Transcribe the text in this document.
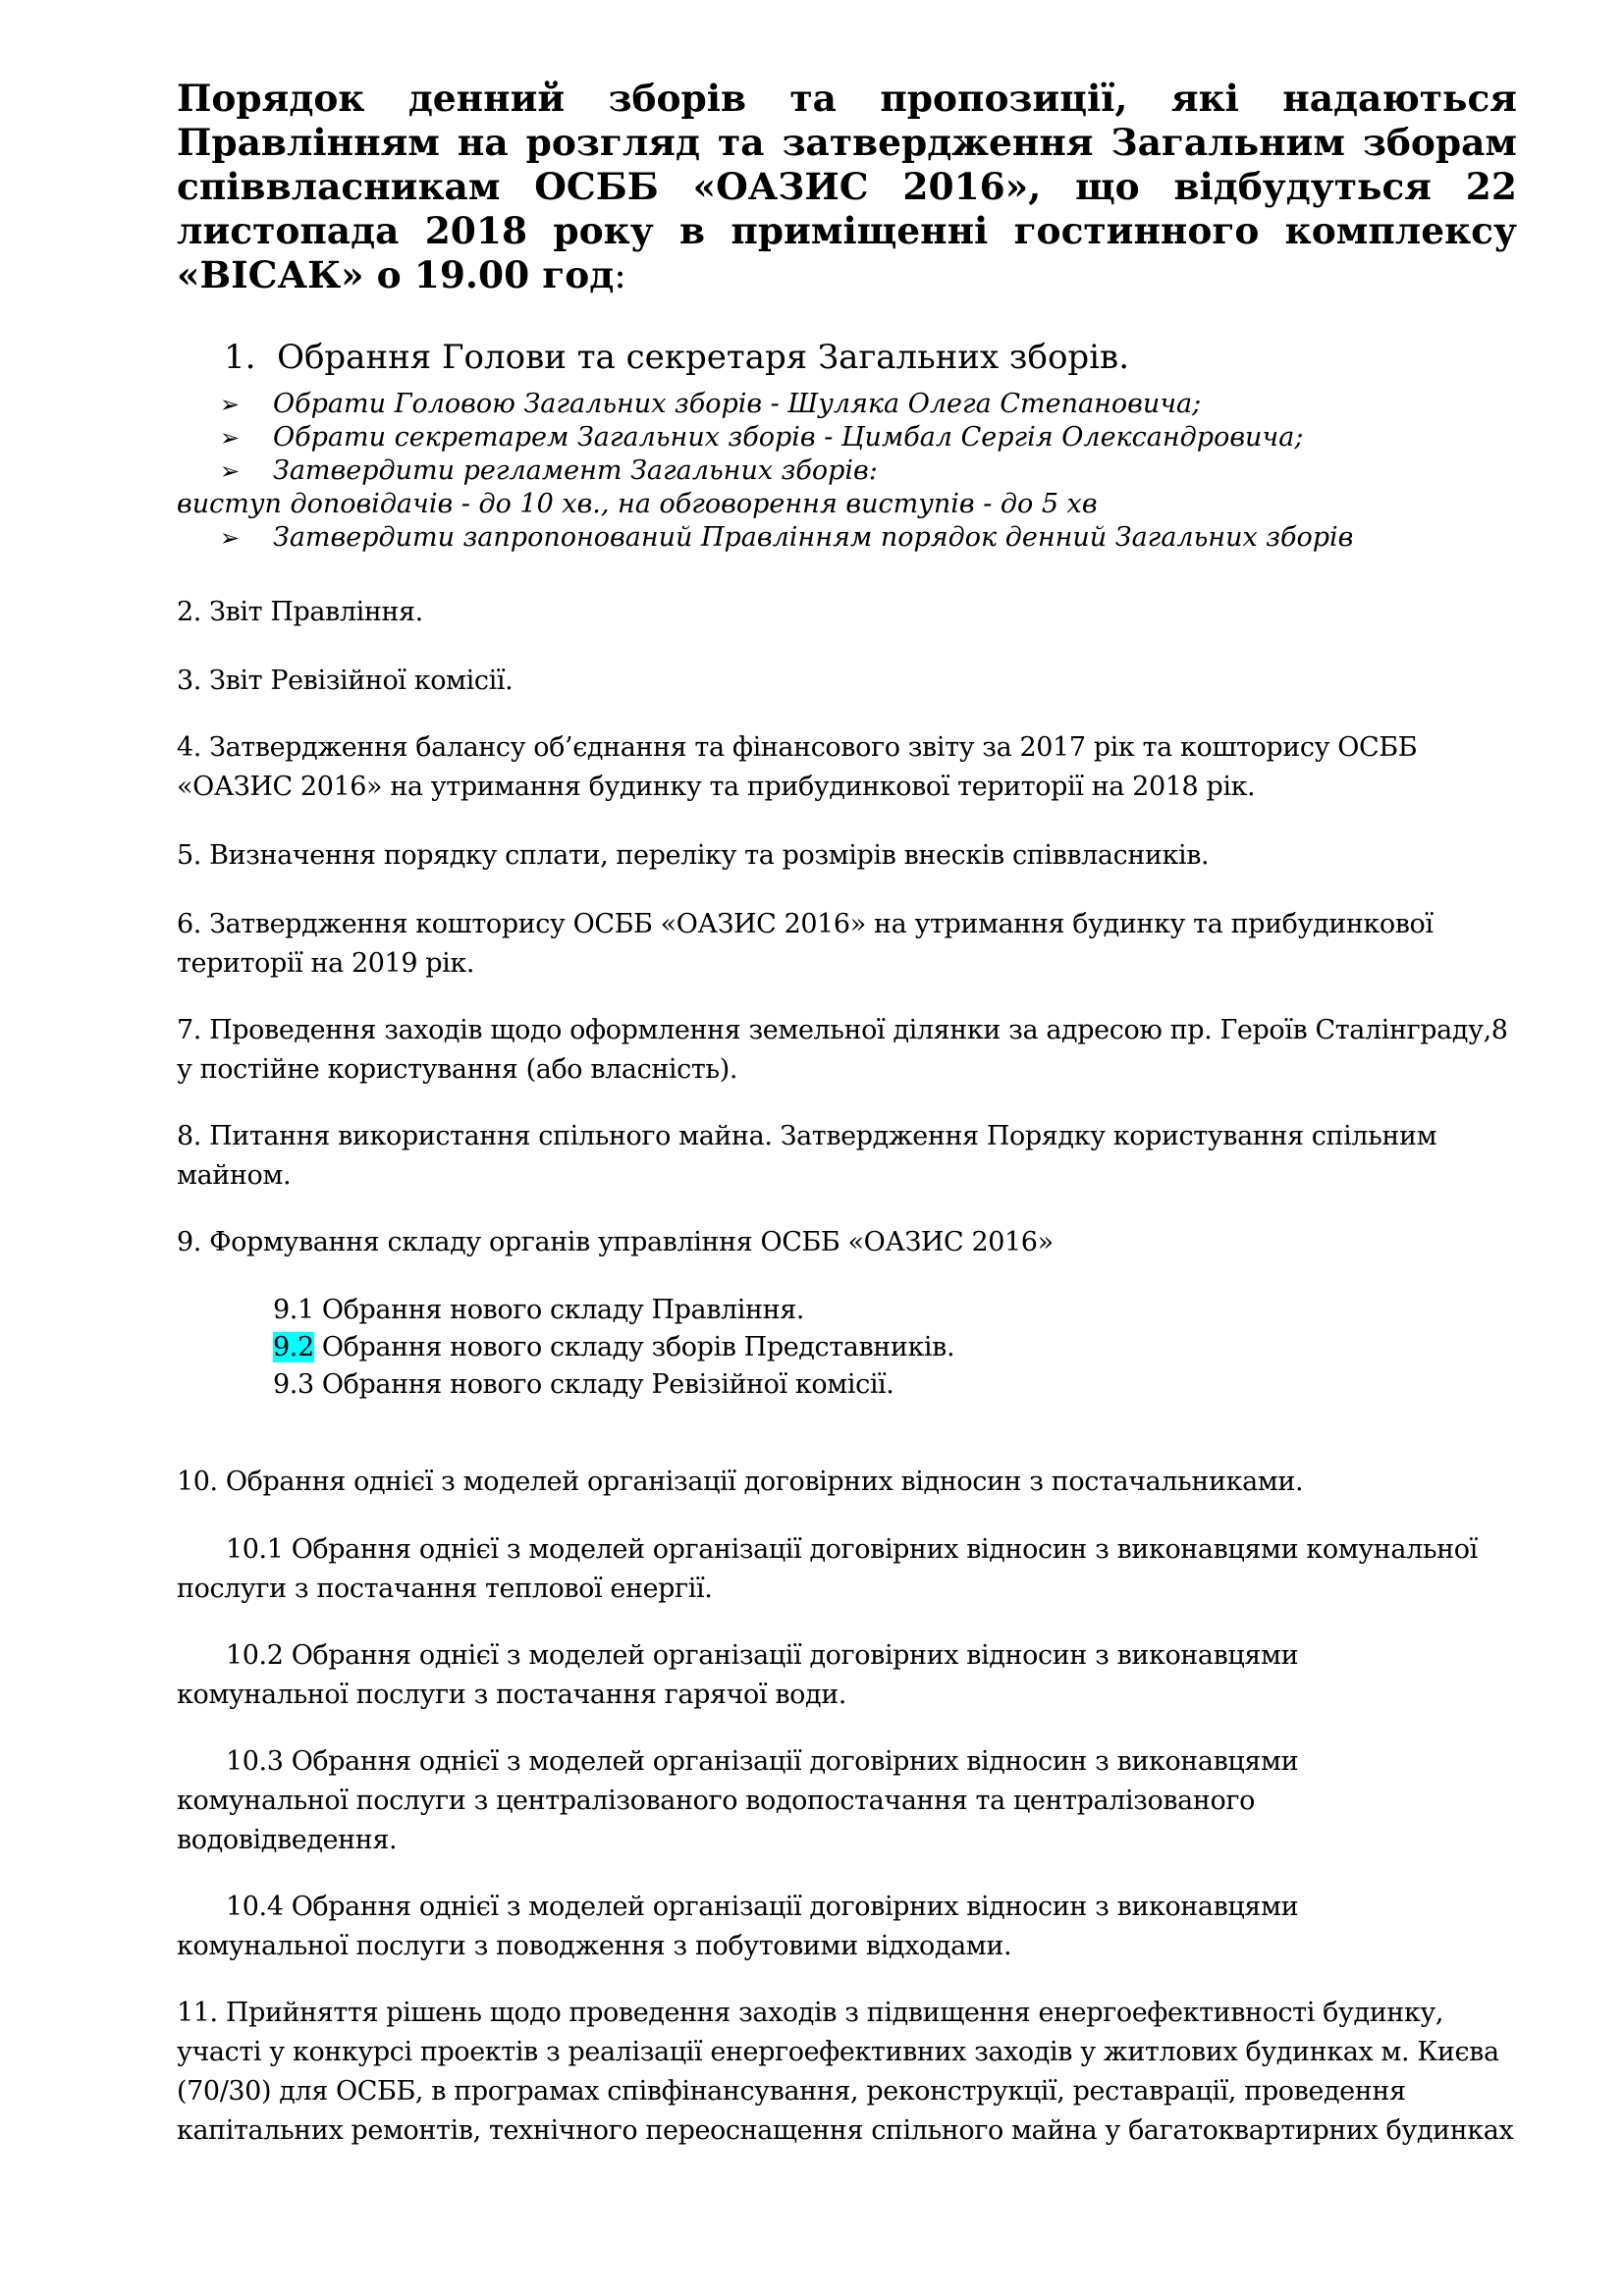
Порядок денний зборів та пропозиції, які надаються Правлінням на розгляд та затвердження Загальним зборам співвласникам ОСББ «ОАЗИС 2016», що відбудуться 22 листопада 2018 року в приміщенні гостинного комплексу «ВІСАК» о 19.00 год:

1. Обрання Голови та секретаря Загальних зборів.

➢ Обрати Головою Загальних зборів - Шуляка Олега Степановича;
➢ Обрати секретарем Загальних зборів - Цимбал Сергія Олександровича;
➢ Затвердити регламент Загальних зборів:
виступ доповідачів - до 10 хв., на обговорення виступів - до 5 хв
➢ Затвердити запропонований Правлінням порядок денний Загальних зборів

2. Звіт Правління.

3. Звіт Ревізійної комісії.

4. Затвердження балансу об’єднання та фінансового звіту за 2017 рік та кошторису ОСББ

«ОАЗИС 2016» на утримання будинку та прибудинкової території на 2018 рік.

5. Визначення порядку сплати, переліку та розмірів внесків співвласників.

6. Затвердження кошторису ОСББ «ОАЗИС 2016» на утримання будинку та прибудинкової

території на 2019 рік.

7. Проведення заходів щодо оформлення земельної ділянки за адресою пр. Героїв Сталінграду,8

у постійне користування (або власність).

8. Питання використання спільного майна. Затвердження Порядку користування спільним

майном.

9. Формування складу органів управління ОСББ «ОАЗИС 2016»

9.1 Обрання нового складу Правління.

9.2 Обрання нового складу зборів Представників.

9.3 Обрання нового складу Ревізійної комісії.

10. Обрання однієї з моделей організації договірних відносин з постачальниками.

10.1 Обрання однієї з моделей організації договірних відносин з виконавцями комунальної

послуги з постачання теплової енергії.

10.2 Обрання однієї з моделей організації договірних відносин з виконавцями

комунальної послуги з постачання гарячої води.

10.3 Обрання однієї з моделей організації договірних відносин з виконавцями

комунальної послуги з централізованого водопостачання та централізованого

водовідведення.

10.4 Обрання однієї з моделей організації договірних відносин з виконавцями

комунальної послуги з поводження з побутовими відходами.

11. Прийняття рішень щодо проведення заходів з підвищення енергоефективності будинку,

участі у конкурсі проектів з реалізації енергоефективних заходів у житлових будинках м. Києва

(70/30) для ОСББ, в програмах співфінансування, реконструкції, реставрації, проведення

капітальних ремонтів, технічного переоснащення спільного майна у багатоквартирних будинках
